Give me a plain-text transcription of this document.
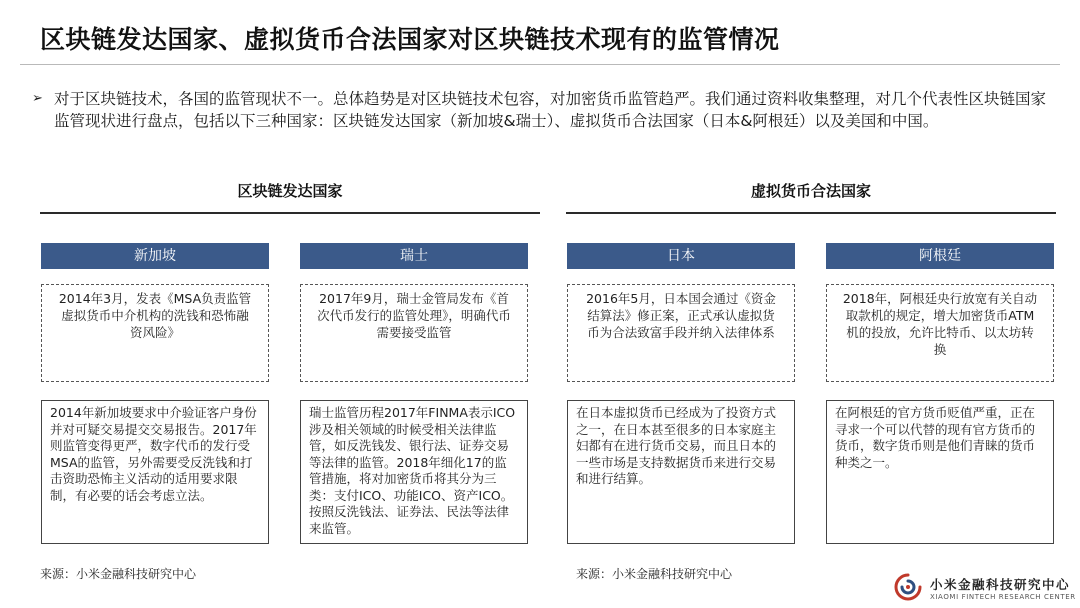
区块链发达国家、虚拟货币合法国家对区块链技术现有的监管情况
➢ 对于区块链技术，各国的监管现状不一。总体趋势是对区块链技术包容，对加密货币监管趋严。我们通过资料收集整理，对几个代表性区块链国家监管现状进行盘点，包括以下三种国家：区块链发达国家（新加坡&瑞士）、虚拟货币合法国家（日本&阿根廷）以及美国和中国。
区块链发达国家	虚拟货币合法国家
新加坡	瑞士	日本	阿根廷
2014年3月，发表《MSA负责监管虚拟货币中介机构的洗钱和恐怖融资风险》
2017年9月，瑞士金管局发布《首次代币发行的监管处理》，明确代币需要接受监管
2016年5月，日本国会通过《资金结算法》修正案，正式承认虚拟货币为合法致富手段并纳入法律体系
2018年，阿根廷央行放宽有关自动取款机的规定，增大加密货币ATM机的投放，允许比特币、以太坊转换
2014年新加坡要求中介验证客户身份并对可疑交易提交交易报告。2017年则监管变得更严，数字代币的发行受MSA的监管，另外需要受反洗钱和打击资助恐怖主义活动的适用要求限制，有必要的话会考虑立法。
瑞士监管历程2017年FINMA表示ICO涉及相关领域的时候受相关法律监管，如反洗钱发、银行法、证券交易等法律的监管。2018年细化17的监管措施，将对加密货币将其分为三类：支付ICO、功能ICO、资产ICO。按照反洗钱法、证券法、民法等法律来监管。
在日本虚拟货币已经成为了投资方式之一，在日本甚至很多的日本家庭主妇都有在进行货币交易，而且日本的一些市场是支持数据货币来进行交易和进行结算。
在阿根廷的官方货币贬值严重，正在寻求一个可以代替的现有官方货币的货币，数字货币则是他们青睐的货币种类之一。
来源：小米金融科技研究中心	来源：小米金融科技研究中心
小米金融科技研究中心
XIAOMI FINTECH RESEARCH CENTER
